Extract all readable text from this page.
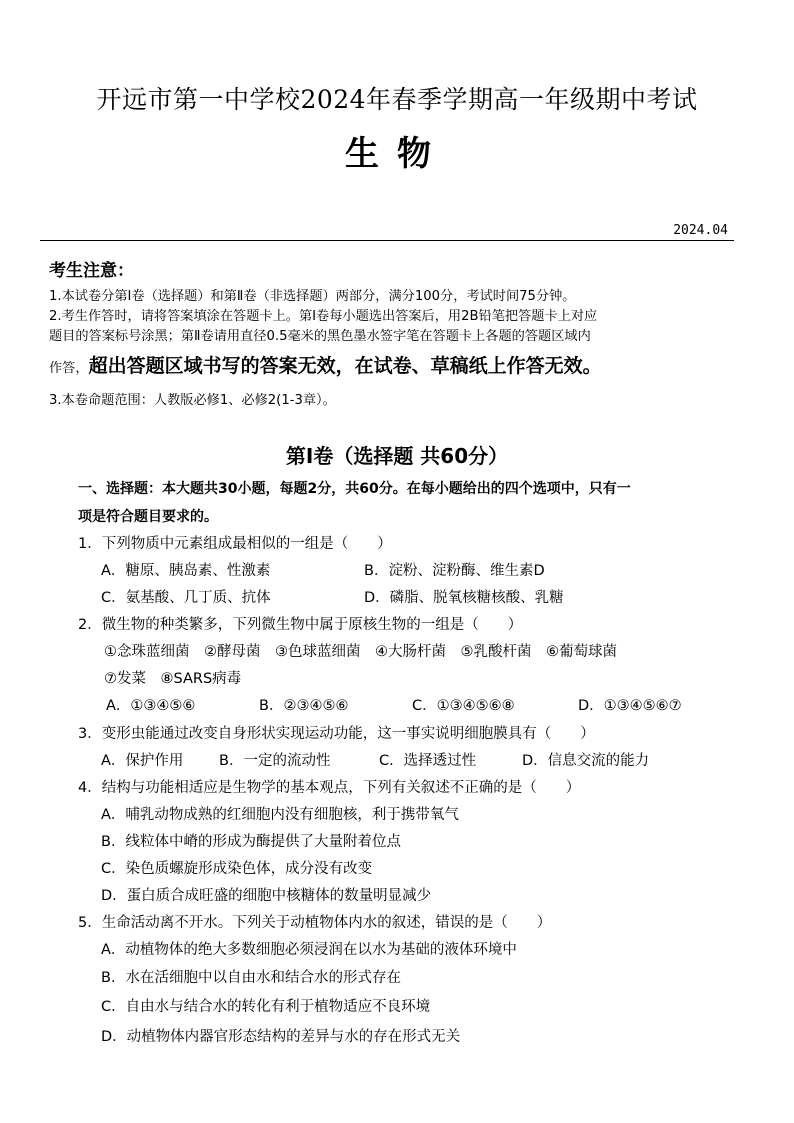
开远市第一中学校2024年春季学期高一年级期中考试
生物
2024.04
考生注意：
1.本试卷分第Ⅰ卷（选择题）和第Ⅱ卷（非选择题）两部分，满分100分，考试时间75分钟。
2.考生作答时，请将答案填涂在答题卡上。第Ⅰ卷每小题选出答案后，用2B铅笔把答题卡上对应
题目的答案标号涂黑；第Ⅱ卷请用直径0.5毫米的黑色墨水签字笔在答题卡上各题的答题区域内
作答，超出答题区域书写的答案无效，在试卷、草稿纸上作答无效。
3.本卷命题范围：人教版必修1、必修2(1-3章）。
第Ⅰ卷（选择题 共60分）
一、选择题：本大题共30小题，每题2分，共60分。在每小题给出的四个选项中，只有一
项是符合题目要求的。
1．下列物质中元素组成最相似的一组是（　　）
A．糖原、胰岛素、性激素	B．淀粉、淀粉酶、维生素D
C．氨基酸、几丁质、抗体	D．磷脂、脱氧核糖核酸、乳糖
2．微生物的种类繁多，下列微生物中属于原核生物的一组是（　　）
①念珠蓝细菌　②酵母菌　③色球蓝细菌　④大肠杆菌　⑤乳酸杆菌　⑥葡萄球菌
⑦发菜　⑧SARS病毒
A．①③④⑤⑥	B．②③④⑤⑥	C．①③④⑤⑥⑧	D．①③④⑤⑥⑦
3．变形虫能通过改变自身形状实现运动功能，这一事实说明细胞膜具有（　　）
A．保护作用 B．一定的流动性	C．选择透过性	D．信息交流的能力
4．结构与功能相适应是生物学的基本观点，下列有关叙述不正确的是（　　）
A．哺乳动物成熟的红细胞内没有细胞核，利于携带氧气
B．线粒体中嵴的形成为酶提供了大量附着位点
C．染色质螺旋形成染色体，成分没有改变
D．蛋白质合成旺盛的细胞中核糖体的数量明显减少
5．生命活动离不开水。下列关于动植物体内水的叙述，错误的是（　　）
A．动植物体的绝大多数细胞必须浸润在以水为基础的液体环境中
B．水在活细胞中以自由水和结合水的形式存在
C．自由水与结合水的转化有利于植物适应不良环境
D．动植物体内器官形态结构的差异与水的存在形式无关
